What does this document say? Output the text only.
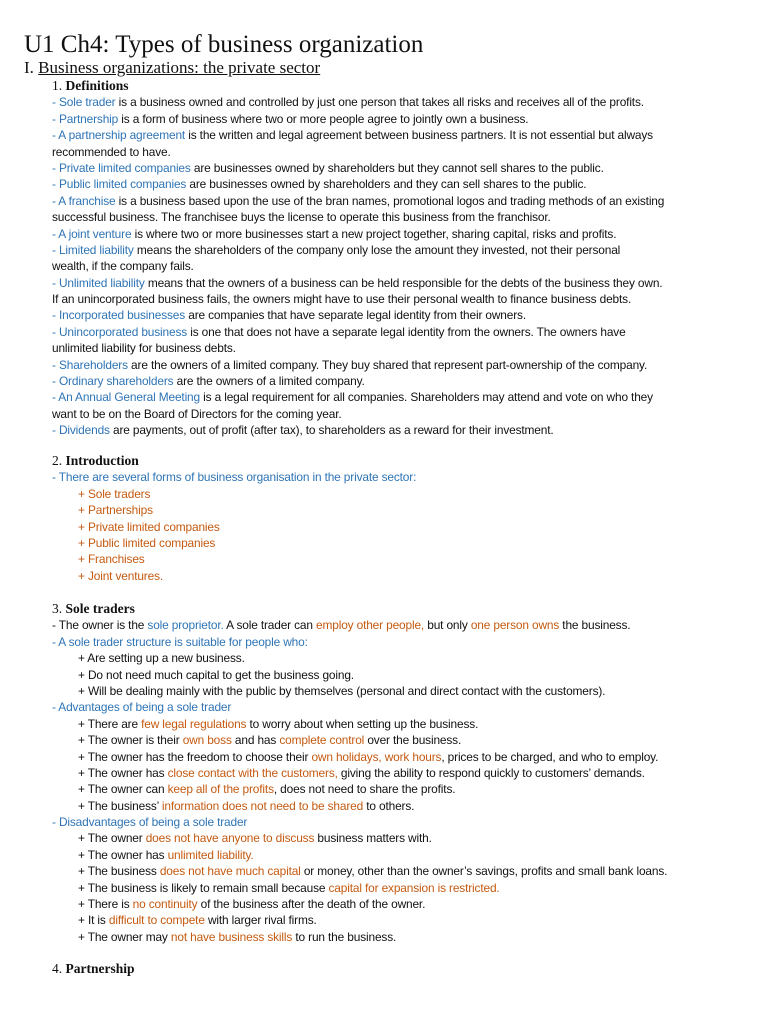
U1 Ch4: Types of business organization
I. Business organizations: the private sector
1. Definitions
- Sole trader is a business owned and controlled by just one person that takes all risks and receives all of the profits.
- Partnership is a form of business where two or more people agree to jointly own a business.
- A partnership agreement is the written and legal agreement between business partners. It is not essential but always
recommended to have.
- Private limited companies are businesses owned by shareholders but they cannot sell shares to the public.
- Public limited companies are businesses owned by shareholders and they can sell shares to the public.
- A franchise is a business based upon the use of the bran names, promotional logos and trading methods of an existing
successful business. The franchisee buys the license to operate this business from the franchisor.
- A joint venture is where two or more businesses start a new project together, sharing capital, risks and profits.
- Limited liability means the shareholders of the company only lose the amount they invested, not their personal
wealth, if the company fails.
- Unlimited liability means that the owners of a business can be held responsible for the debts of the business they own.
If an unincorporated business fails, the owners might have to use their personal wealth to finance business debts.
- Incorporated businesses are companies that have separate legal identity from their owners.
- Unincorporated business is one that does not have a separate legal identity from the owners. The owners have
unlimited liability for business debts.
- Shareholders are the owners of a limited company. They buy shared that represent part-ownership of the company.
- Ordinary shareholders are the owners of a limited company.
- An Annual General Meeting is a legal requirement for all companies. Shareholders may attend and vote on who they
want to be on the Board of Directors for the coming year.
- Dividends are payments, out of profit (after tax), to shareholders as a reward for their investment.
2. Introduction
- There are several forms of business organisation in the private sector:
+ Sole traders
+ Partnerships
+ Private limited companies
+ Public limited companies
+ Franchises
+ Joint ventures.
3. Sole traders
- The owner is the sole proprietor. A sole trader can employ other people, but only one person owns the business.
- A sole trader structure is suitable for people who:
+ Are setting up a new business.
+ Do not need much capital to get the business going.
+ Will be dealing mainly with the public by themselves (personal and direct contact with the customers).
- Advantages of being a sole trader
+ There are few legal regulations to worry about when setting up the business.
+ The owner is their own boss and has complete control over the business.
+ The owner has the freedom to choose their own holidays, work hours, prices to be charged, and who to employ.
+ The owner has close contact with the customers, giving the ability to respond quickly to customers’ demands.
+ The owner can keep all of the profits, does not need to share the profits.
+ The business’ information does not need to be shared to others.
- Disadvantages of being a sole trader
+ The owner does not have anyone to discuss business matters with.
+ The owner has unlimited liability.
+ The business does not have much capital or money, other than the owner’s savings, profits and small bank loans.
+ The business is likely to remain small because capital for expansion is restricted.
+ There is no continuity of the business after the death of the owner.
+ It is difficult to compete with larger rival firms.
+ The owner may not have business skills to run the business.
4. Partnership
